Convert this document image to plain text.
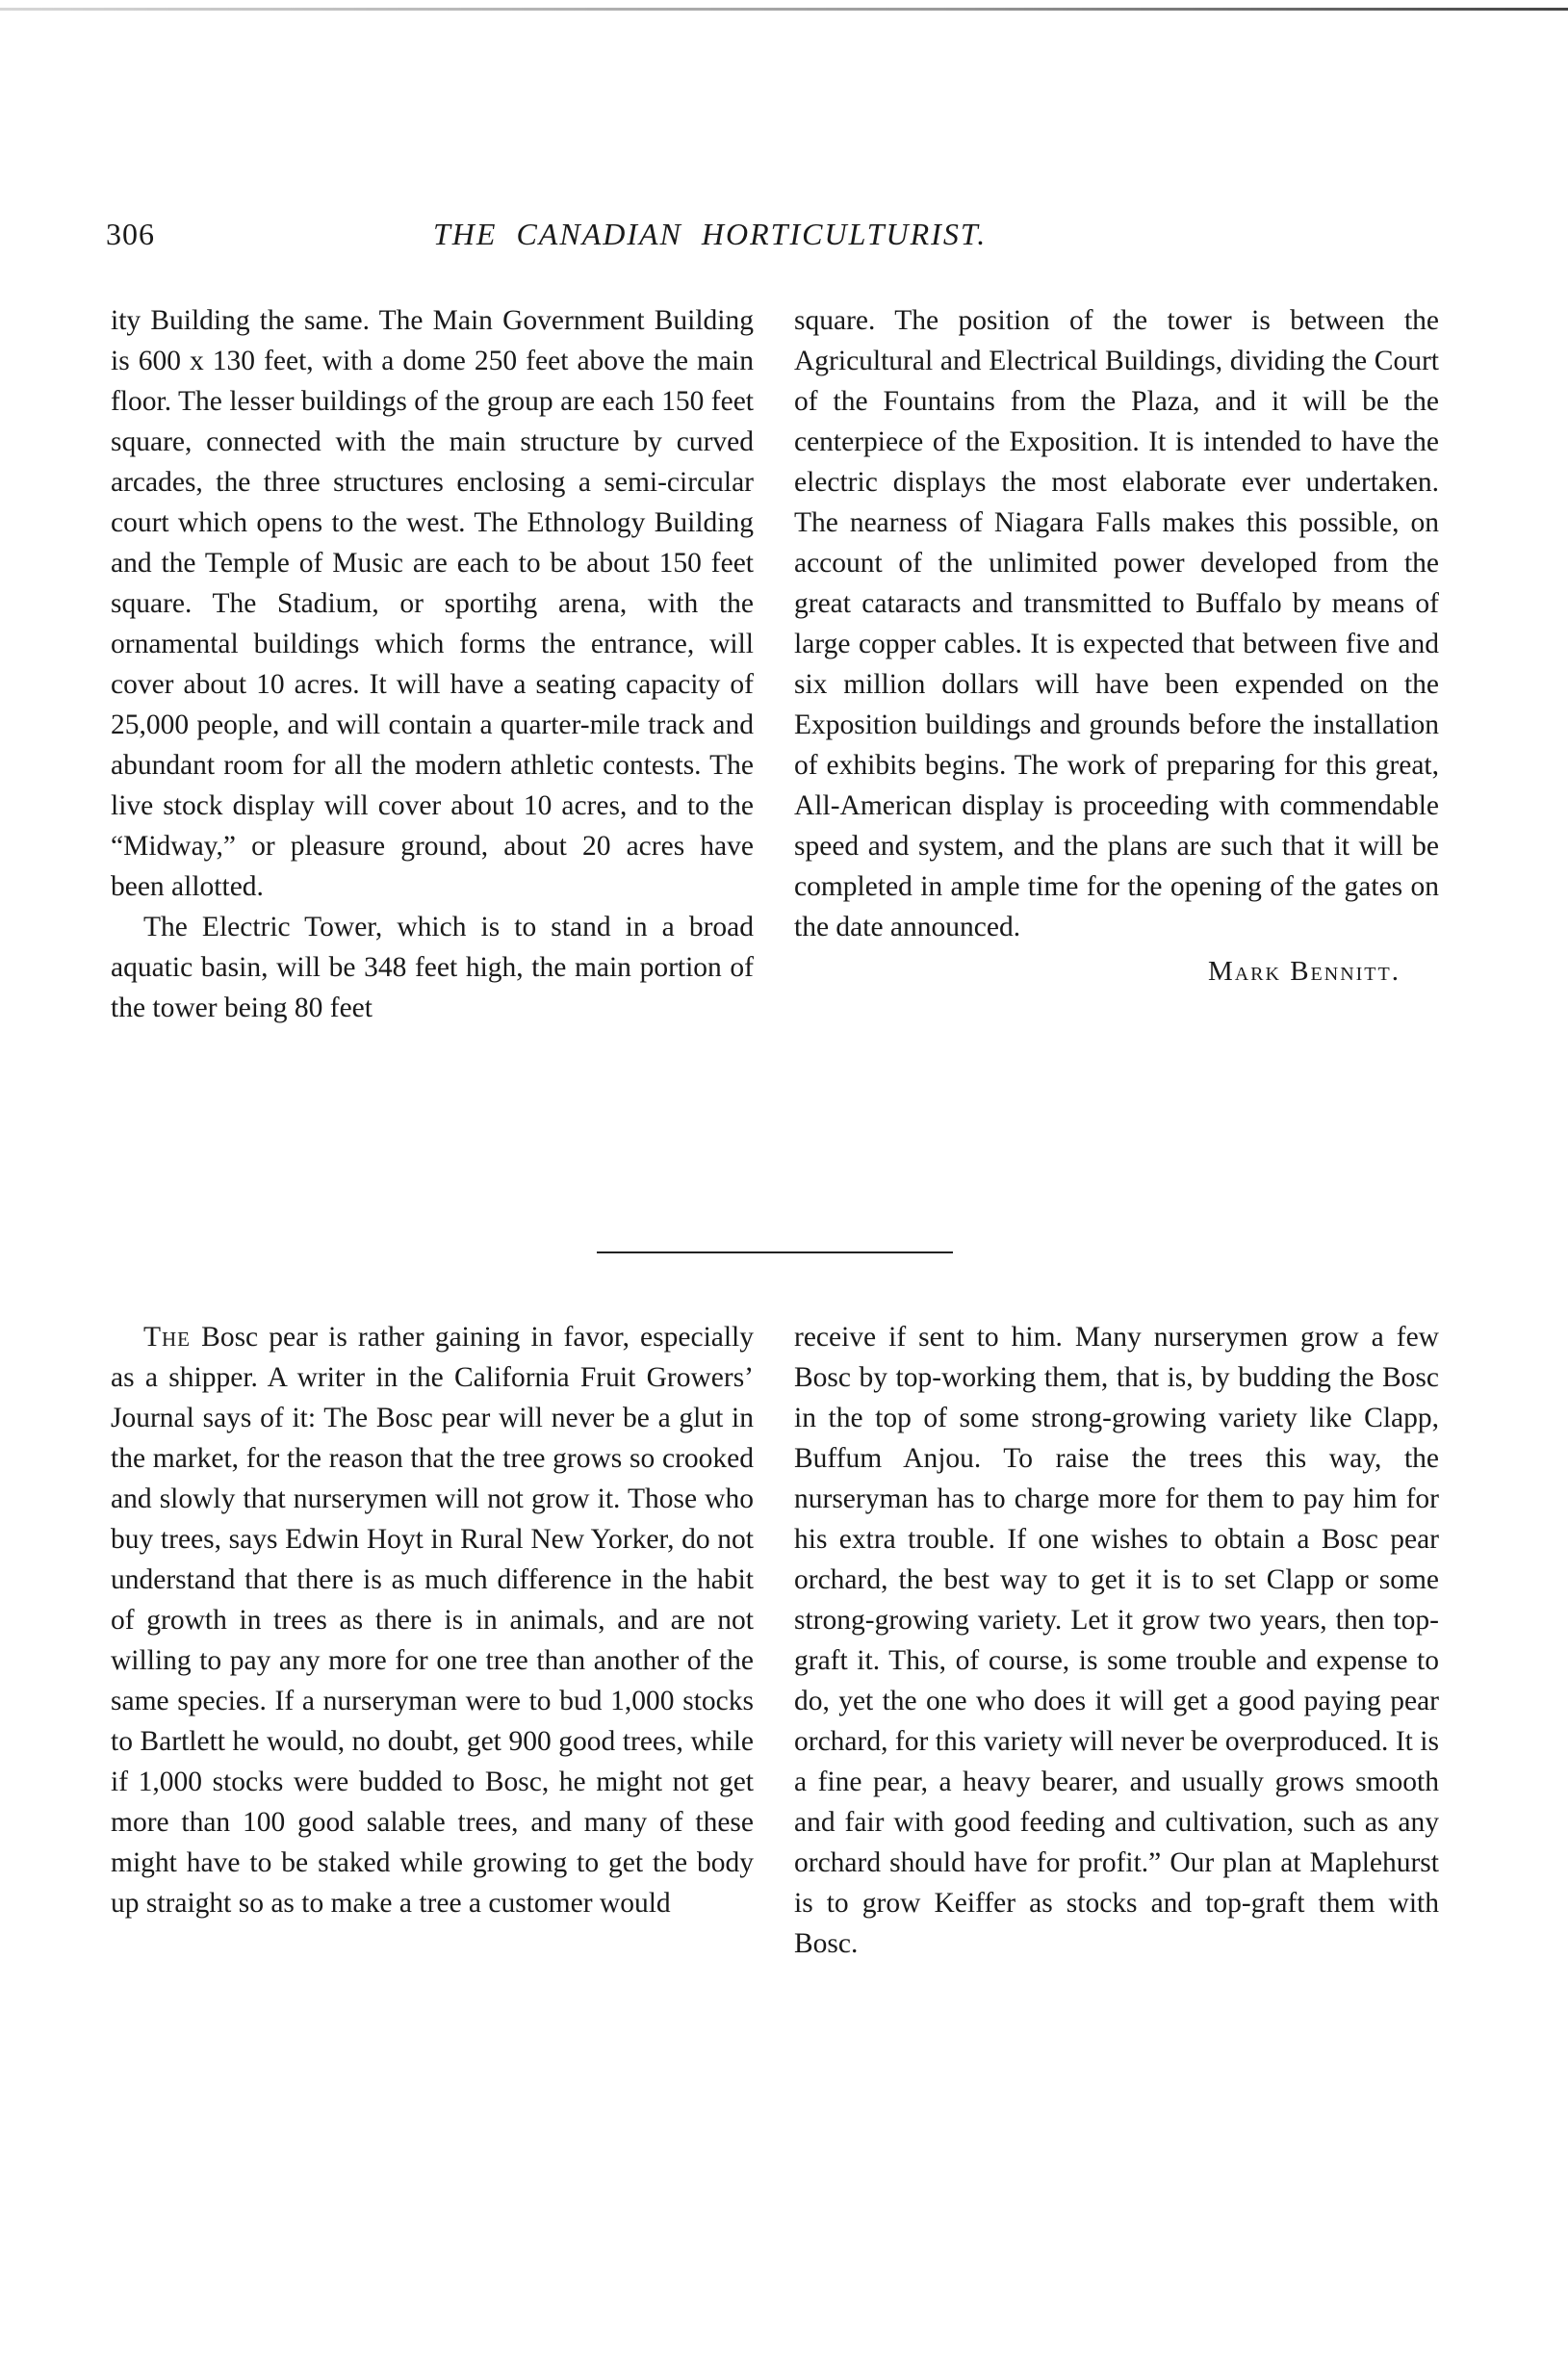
306	THE CANADIAN HORTICULTURIST.

ity Building the same. The Main Government Building is 600 x 130 feet, with a dome 250 feet above the main floor. The lesser buildings of the group are each 150 feet square, connected with the main structure by curved arcades, the three structures enclosing a semi-circular court which opens to the west. The Ethnology Building and the Temple of Music are each to be about 150 feet square. The Stadium, or sportihg arena, with the ornamental buildings which forms the entrance, will cover about 10 acres. It will have a seating capacity of 25,000 people, and will contain a quarter-mile track and abundant room for all the modern athletic contests. The live stock display will cover about 10 acres, and to the “Midway,” or pleasure ground, about 20 acres have been allotted.

The Electric Tower, which is to stand in a broad aquatic basin, will be 348 feet high, the main portion of the tower being 80 feet

square. The position of the tower is between the Agricultural and Electrical Buildings, dividing the Court of the Fountains from the Plaza, and it will be the centerpiece of the Exposition. It is intended to have the electric displays the most elaborate ever undertaken. The nearness of Niagara Falls makes this possible, on account of the unlimited power developed from the great cataracts and transmitted to Buffalo by means of large copper cables. It is expected that between five and six million dollars will have been expended on the Exposition buildings and grounds before the installation of exhibits begins. The work of preparing for this great, All-American display is proceeding with commendable speed and system, and the plans are such that it will be completed in ample time for the opening of the gates on the date announced.

Mark Bennitt.

The Bosc pear is rather gaining in favor, especially as a shipper. A writer in the California Fruit Growers’ Journal says of it: The Bosc pear will never be a glut in the market, for the reason that the tree grows so crooked and slowly that nurserymen will not grow it. Those who buy trees, says Edwin Hoyt in Rural New Yorker, do not understand that there is as much difference in the habit of growth in trees as there is in animals, and are not willing to pay any more for one tree than another of the same species. If a nurseryman were to bud 1,000 stocks to Bartlett he would, no doubt, get 900 good trees, while if 1,000 stocks were budded to Bosc, he might not get more than 100 good salable trees, and many of these might have to be staked while growing to get the body up straight so as to make a tree a customer would

receive if sent to him. Many nurserymen grow a few Bosc by top-working them, that is, by budding the Bosc in the top of some strong-growing variety like Clapp, Buffum Anjou. To raise the trees this way, the nurseryman has to charge more for them to pay him for his extra trouble. If one wishes to obtain a Bosc pear orchard, the best way to get it is to set Clapp or some strong-growing variety. Let it grow two years, then top-graft it. This, of course, is some trouble and expense to do, yet the one who does it will get a good paying pear orchard, for this variety will never be overproduced. It is a fine pear, a heavy bearer, and usually grows smooth and fair with good feeding and cultivation, such as any orchard should have for profit.” Our plan at Maplehurst is to grow Keiffer as stocks and top-graft them with Bosc.
